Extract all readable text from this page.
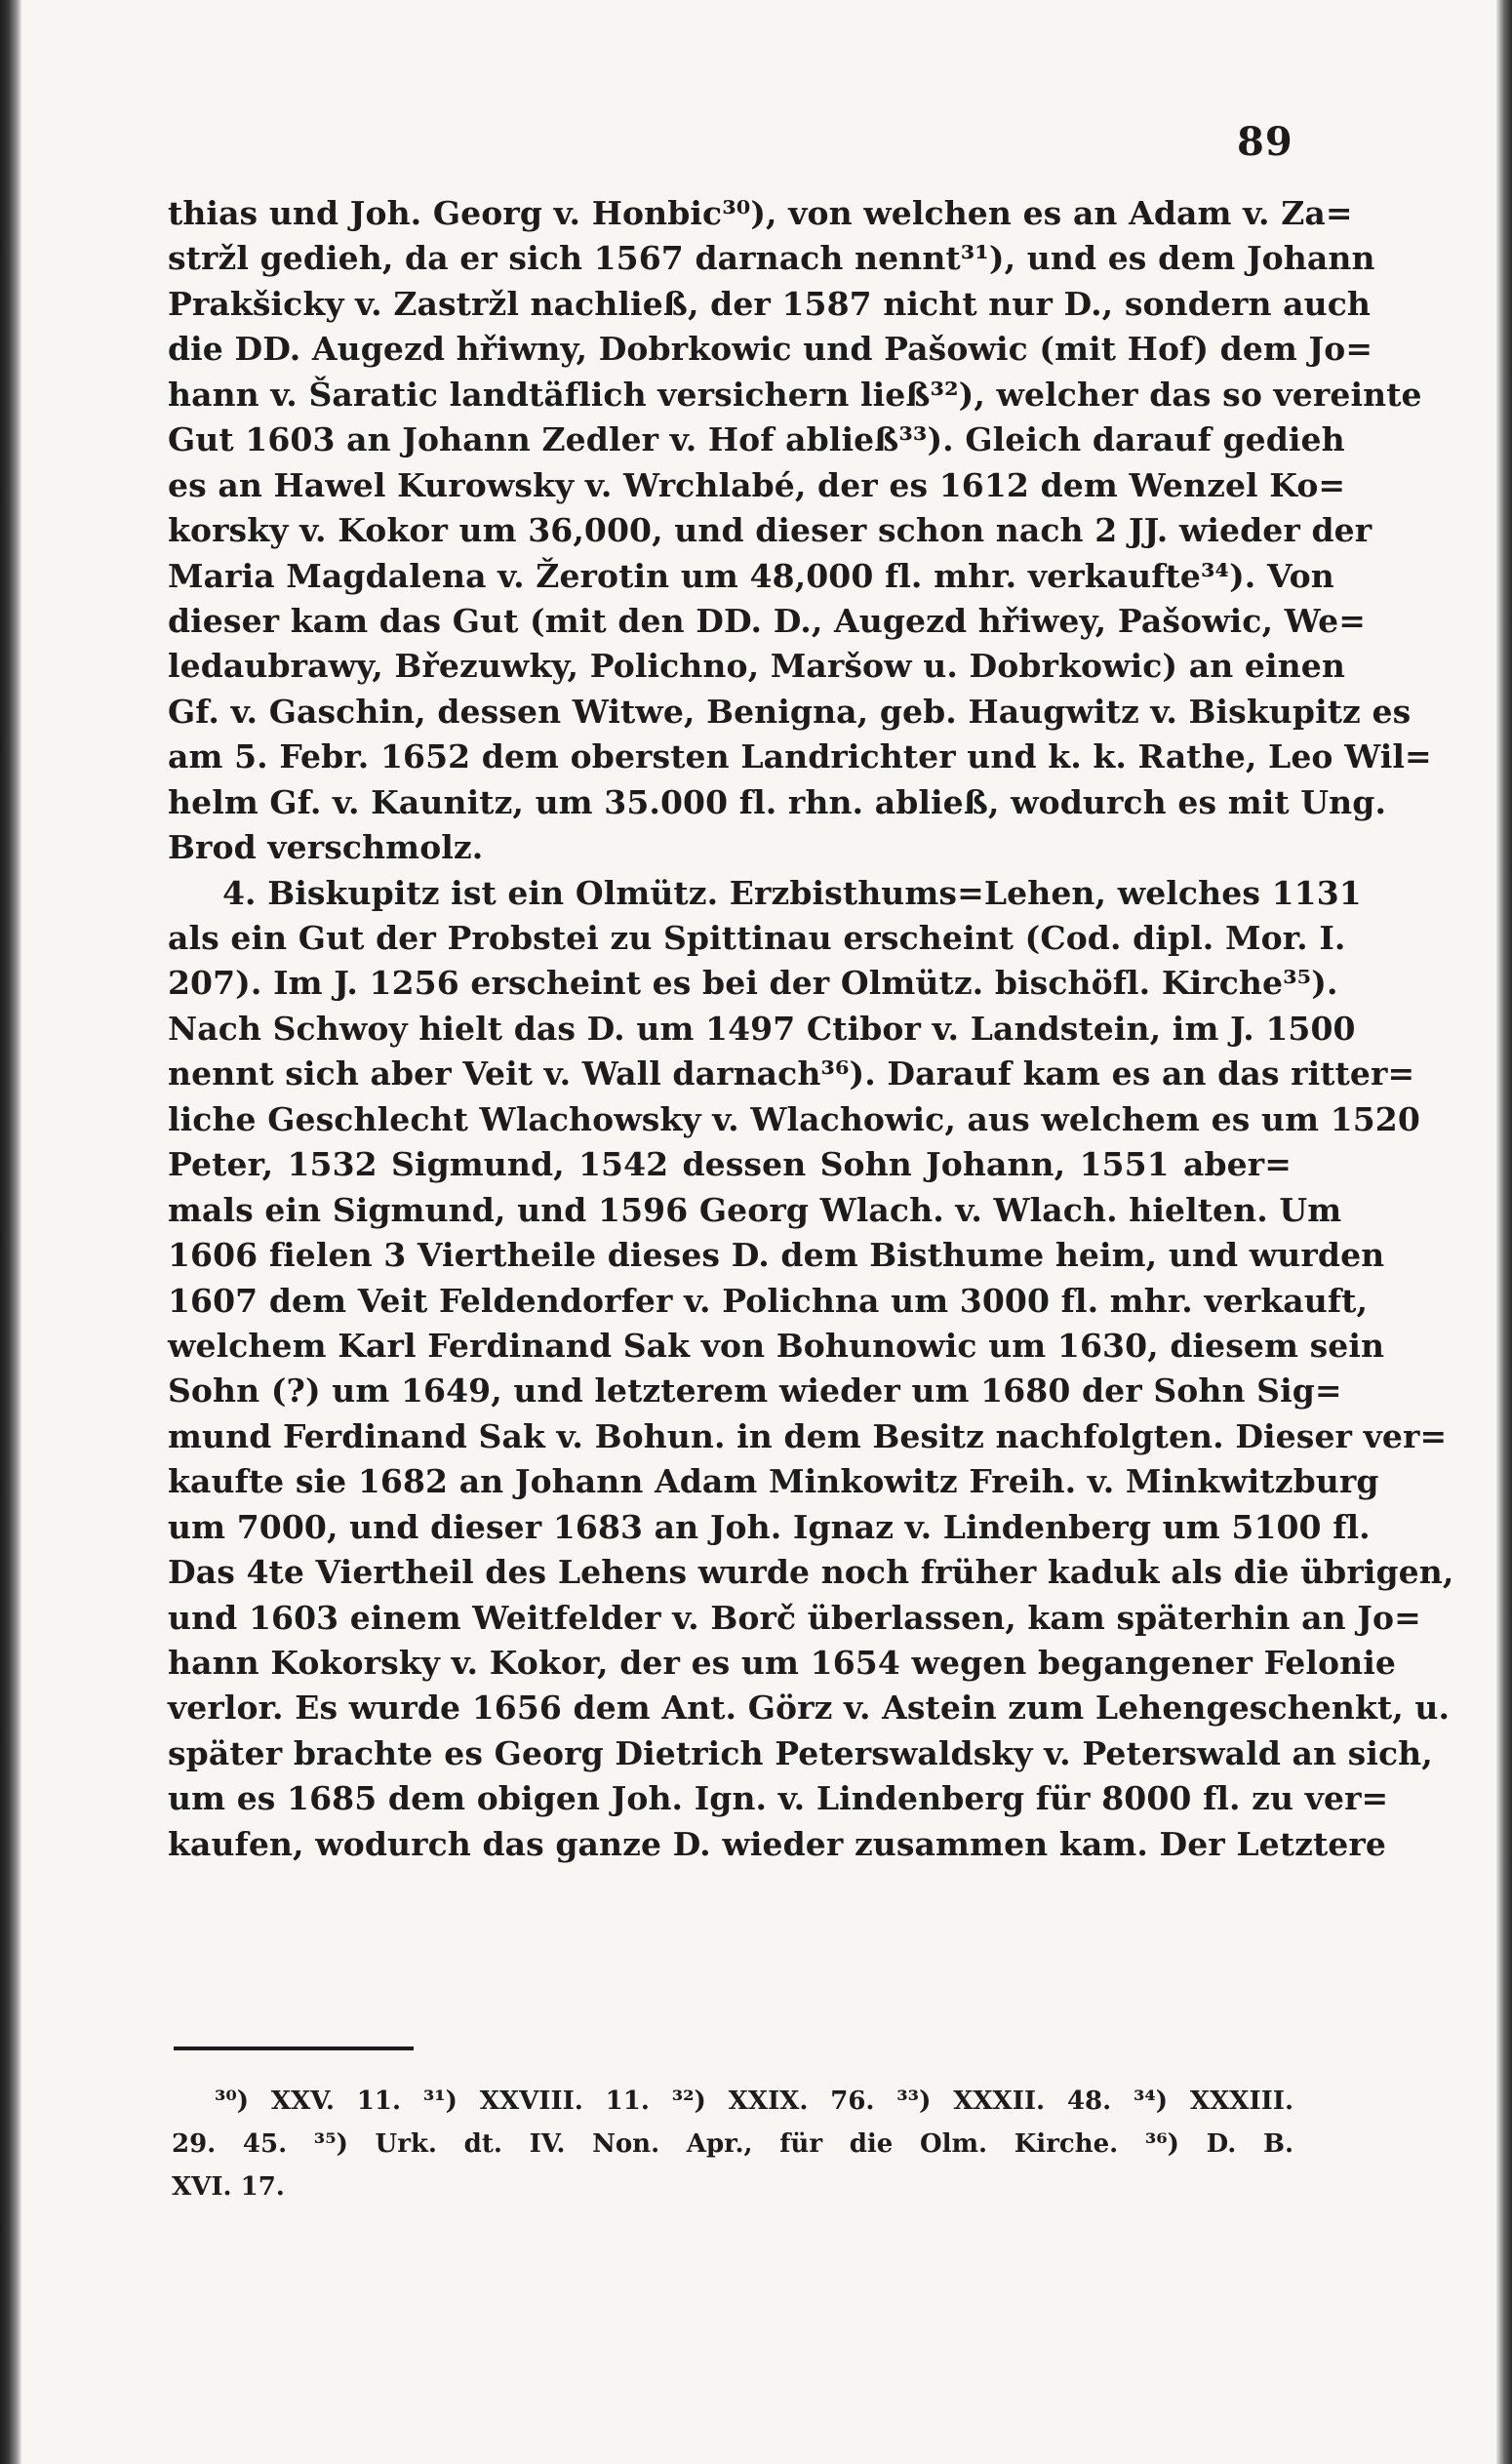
89
thias und Joh. Georg v. Honbic³⁰), von welchen es an Adam v. Za=
stržl gedieh, da er sich 1567 darnach nennt³¹), und es dem Johann
Prakšicky v. Zastržl nachließ, der 1587 nicht nur D., sondern auch
die DD. Augezd hřiwny, Dobrkowic und Pašowic (mit Hof) dem Jo=
hann v. Šaratic landtäflich versichern ließ³²), welcher das so vereinte
Gut 1603 an Johann Zedler v. Hof abließ³³). Gleich darauf gedieh
es an Hawel Kurowsky v. Wrchlabé, der es 1612 dem Wenzel Ko=
korsky v. Kokor um 36,000, und dieser schon nach 2 JJ. wieder der
Maria Magdalena v. Žerotin um 48,000 fl. mhr. verkaufte³⁴). Von
dieser kam das Gut (mit den DD. D., Augezd hřiwey, Pašowic, We=
ledaubrawy, Březuwky, Polichno, Maršow u. Dobrkowic) an einen
Gf. v. Gaschin, dessen Witwe, Benigna, geb. Haugwitz v. Biskupitz es
am 5. Febr. 1652 dem obersten Landrichter und k. k. Rathe, Leo Wil=
helm Gf. v. Kaunitz, um 35.000 fl. rhn. abließ, wodurch es mit Ung.
Brod verschmolz.
4. Biskupitz ist ein Olmütz. Erzbisthums=Lehen, welches 1131
als ein Gut der Probstei zu Spittinau erscheint (Cod. dipl. Mor. I.
207). Im J. 1256 erscheint es bei der Olmütz. bischöfl. Kirche³⁵).
Nach Schwoy hielt das D. um 1497 Ctibor v. Landstein, im J. 1500
nennt sich aber Veit v. Wall darnach³⁶). Darauf kam es an das ritter=
liche Geschlecht Wlachowsky v. Wlachowic, aus welchem es um 1520
Peter, 1532 Sigmund, 1542 dessen Sohn Johann, 1551 aber=
mals ein Sigmund, und 1596 Georg Wlach. v. Wlach. hielten. Um
1606 fielen 3 Viertheile dieses D. dem Bisthume heim, und wurden
1607 dem Veit Feldendorfer v. Polichna um 3000 fl. mhr. verkauft,
welchem Karl Ferdinand Sak von Bohunowic um 1630, diesem sein
Sohn (?) um 1649, und letzterem wieder um 1680 der Sohn Sig=
mund Ferdinand Sak v. Bohun. in dem Besitz nachfolgten. Dieser ver=
kaufte sie 1682 an Johann Adam Minkowitz Freih. v. Minkwitzburg
um 7000, und dieser 1683 an Joh. Ignaz v. Lindenberg um 5100 fl.
Das 4te Viertheil des Lehens wurde noch früher kaduk als die übrigen,
und 1603 einem Weitfelder v. Borč überlassen, kam späterhin an Jo=
hann Kokorsky v. Kokor, der es um 1654 wegen begangener Felonie
verlor. Es wurde 1656 dem Ant. Görz v. Astein zum Lehengeschenkt, u.
später brachte es Georg Dietrich Peterswaldsky v. Peterswald an sich,
um es 1685 dem obigen Joh. Ign. v. Lindenberg für 8000 fl. zu ver=
kaufen, wodurch das ganze D. wieder zusammen kam. Der Letztere
³⁰) XXV. 11. ³¹) XXVIII. 11. ³²) XXIX. 76. ³³) XXXII. 48. ³⁴) XXXIII.
29. 45. ³⁵) Urk. dt. IV. Non. Apr., für die Olm. Kirche. ³⁶) D. B.
XVI. 17.
